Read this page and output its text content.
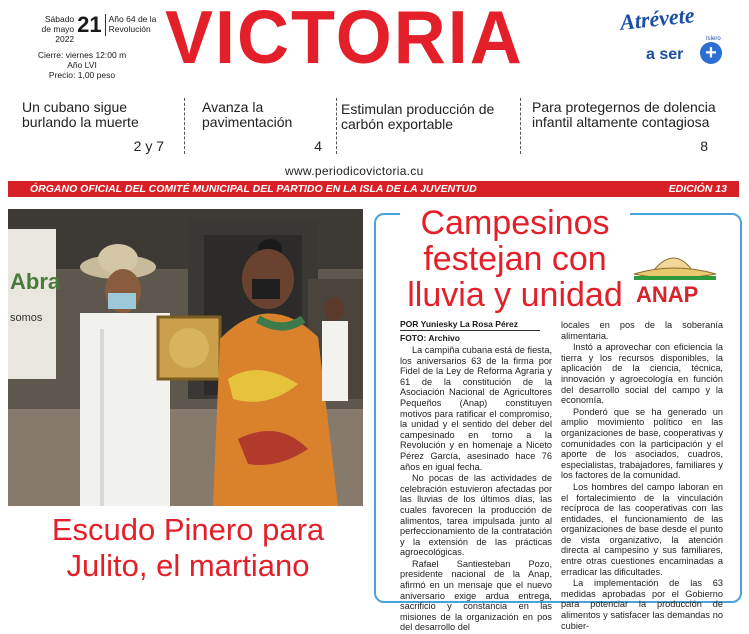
Sábado
de mayo 2022
21 Año 64 de la
Revolución
Cierre: viernes 12:00 m
Año LVI
Precio: 1,00 peso VICTORIA	Atrévete
Islero
a ser +
Un cubano sigue burlando la muerte
2 y 7
Avanza la pavimentación
4
Estimulan producción de carbón exportable
Para protegernos de dolencia infantil altamente contagiosa
8
www.periodicovictoria.cu
ÓRGANO OFICIAL DEL COMITÉ MUNICIPAL DEL PARTIDO EN LA ISLA DE LA JUVENTUD	EDICIÓN 13
Abra
somos
Escudo Pinero para Julito, el martiano
Campesinos festejan con lluvia y unidad ANAP
POR Yuniesky La Rosa Pérez
FOTO: Archivo

La campiña cubana está de fiesta, los aniversarios 63 de la firma por Fidel de la Ley de Reforma Agraria y 61 de la constitución de la Asociación Nacional de Agricultores Pequeños (Anap) constituyen motivos para ratificar el compromiso, la unidad y el sentido del deber del campesinado en torno a la Revolución y en homenaje a Niceto Pérez García, asesinado hace 76 años en igual fecha.

No pocas de las actividades de celebración estuvieron afectadas por las lluvias de los últimos días, las cuales favorecen la producción de alimentos, tarea impulsada junto al perfeccionamiento de la contratación y la extensión de las prácticas agroecológicas.

Rafael Santiesteban Pozo, presidente nacional de la Anap, afirmó en un mensaje que el nuevo aniversario exige ardua entrega, sacrificio y constancia en las misiones de la organización en pos del desarrollo del

locales en pos de la soberanía alimentaria.

Instó a aprovechar con eficiencia la tierra y los recursos disponibles, la aplicación de la ciencia, técnica, innovación y agroecología en función del desarrollo social del campo y la economía.

Ponderó que se ha generado un amplio movimiento político en las organizaciones de base, cooperativas y comunidades con la participación y el aporte de los asociados, cuadros, especialistas, trabajadores, familiares y los factores de la comunidad.

Los hombres del campo laboran en el fortalecimiento de la vinculación recíproca de las cooperativas con las entidades, el funcionamiento de las organizaciones de base desde el punto de vista organizativo, la atención directa al campesino y sus familiares, entre otras cuestiones encaminadas a erradicar las dificultades.

La implementación de las 63 medidas aprobadas por el Gobierno para potenciar la producción de alimentos y satisfacer las demandas no cubier-
